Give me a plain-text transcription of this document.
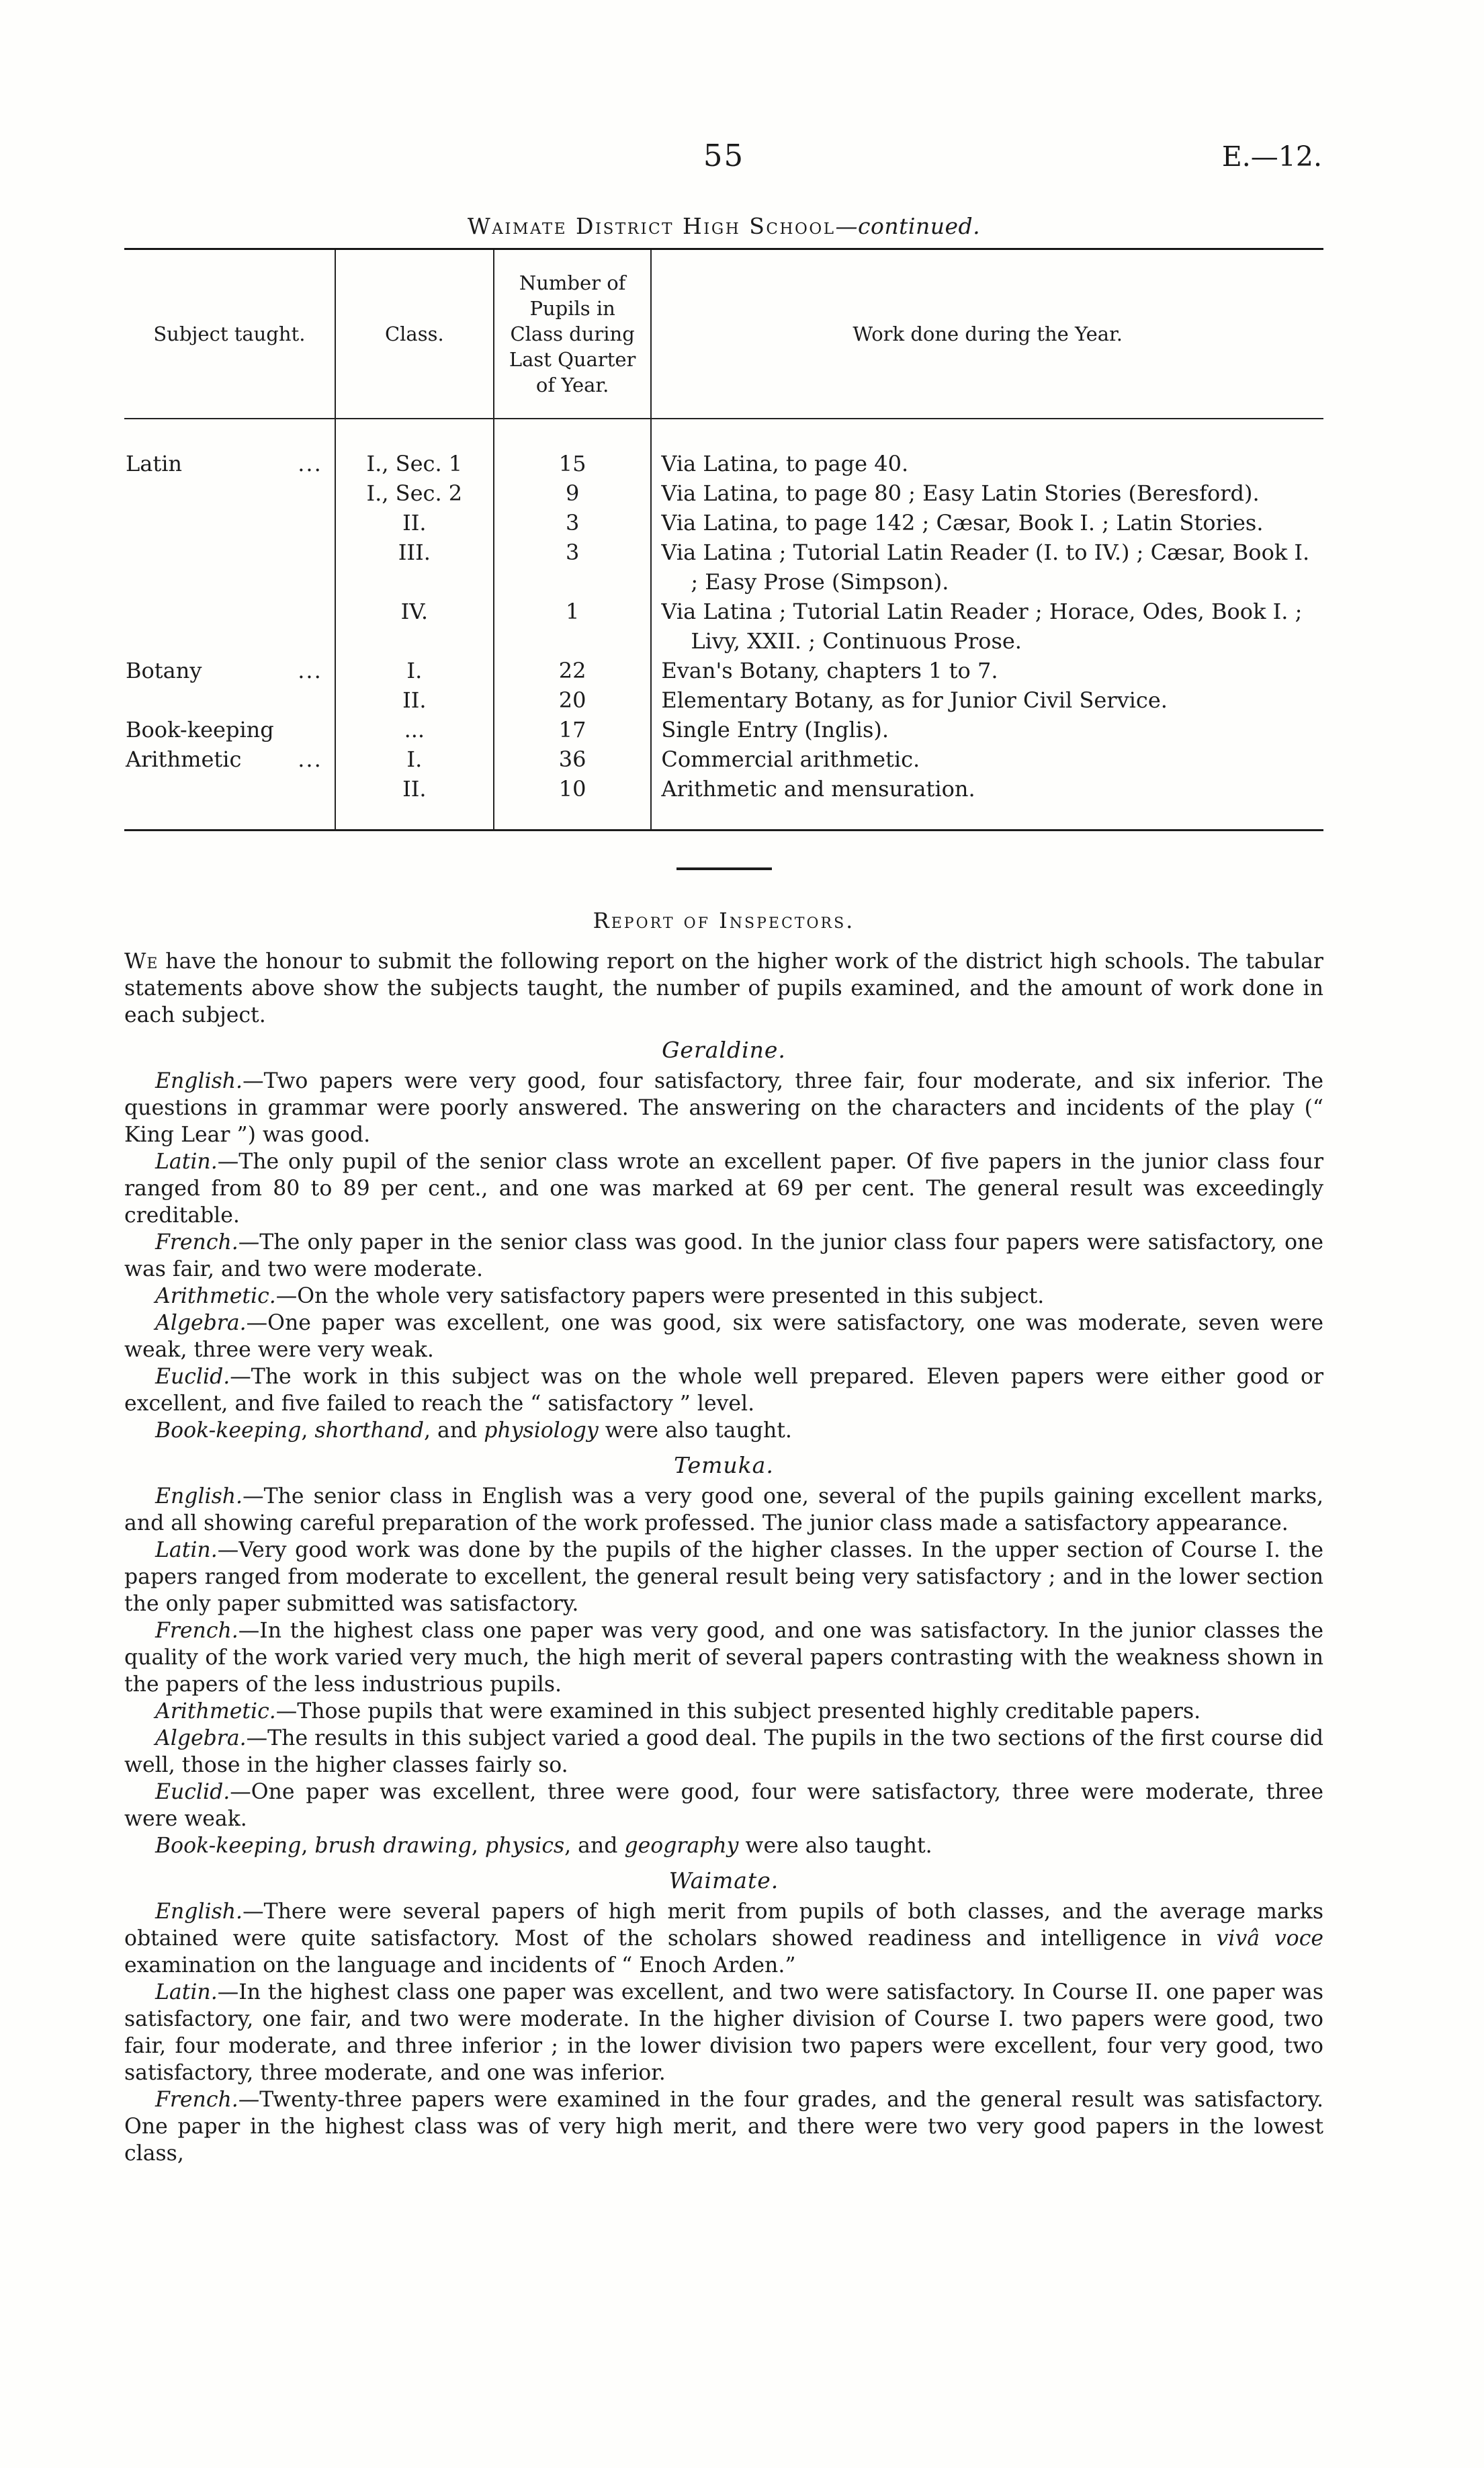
55	E.—12.
Waimate District High School—continued.
Subject taught.	Class.	Number of Pupils in Class during Last Quarter of Year.	Work done during the Year.
Latin ...	I., Sec. 1	15	Via Latina, to page 40.
	I., Sec. 2	9	Via Latina, to page 80 ; Easy Latin Stories (Beresford).
	II.	3	Via Latina, to page 142 ; Cæsar, Book I. ; Latin Stories.
	III.	3	Via Latina ; Tutorial Latin Reader (I. to IV.) ; Cæsar, Book I. ; Easy Prose (Simpson).
	IV.	1	Via Latina ; Tutorial Latin Reader ; Horace, Odes, Book I. ; Livy, XXII. ; Continuous Prose.
Botany ...	I.	22	Evan's Botany, chapters 1 to 7.
	II.	20	Elementary Botany, as for Junior Civil Service.
Book-keeping	...	17	Single Entry (Inglis).
Arithmetic ...	I.	36	Commercial arithmetic.
	II.	10	Arithmetic and mensuration.
Report of Inspectors.

We have the honour to submit the following report on the higher work of the district high schools. The tabular statements above show the subjects taught, the number of pupils examined, and the amount of work done in each subject.

Geraldine.

English.—Two papers were very good, four satisfactory, three fair, four moderate, and six inferior. The questions in grammar were poorly answered. The answering on the characters and incidents of the play (“ King Lear ”) was good.

Latin.—The only pupil of the senior class wrote an excellent paper. Of five papers in the junior class four ranged from 80 to 89 per cent., and one was marked at 69 per cent. The general result was exceedingly creditable.

French.—The only paper in the senior class was good. In the junior class four papers were satisfactory, one was fair, and two were moderate.

Arithmetic.—On the whole very satisfactory papers were presented in this subject.

Algebra.—One paper was excellent, one was good, six were satisfactory, one was moderate, seven were weak, three were very weak.

Euclid.—The work in this subject was on the whole well prepared. Eleven papers were either good or excellent, and five failed to reach the “ satisfactory ” level.

Book-keeping, shorthand, and physiology were also taught.

Temuka.

English.—The senior class in English was a very good one, several of the pupils gaining excellent marks, and all showing careful preparation of the work professed. The junior class made a satisfactory appearance.

Latin.—Very good work was done by the pupils of the higher classes. In the upper section of Course I. the papers ranged from moderate to excellent, the general result being very satisfactory ; and in the lower section the only paper submitted was satisfactory.

French.—In the highest class one paper was very good, and one was satisfactory. In the junior classes the quality of the work varied very much, the high merit of several papers contrasting with the weakness shown in the papers of the less industrious pupils.

Arithmetic.—Those pupils that were examined in this subject presented highly creditable papers.

Algebra.—The results in this subject varied a good deal. The pupils in the two sections of the first course did well, those in the higher classes fairly so.

Euclid.—One paper was excellent, three were good, four were satisfactory, three were moderate, three were weak.

Book-keeping, brush drawing, physics, and geography were also taught.

Waimate.

English.—There were several papers of high merit from pupils of both classes, and the average marks obtained were quite satisfactory. Most of the scholars showed readiness and intelligence in vivâ voce examination on the language and incidents of “ Enoch Arden.”

Latin.—In the highest class one paper was excellent, and two were satisfactory. In Course II. one paper was satisfactory, one fair, and two were moderate. In the higher division of Course I. two papers were good, two fair, four moderate, and three inferior ; in the lower division two papers were excellent, four very good, two satisfactory, three moderate, and one was inferior.

French.—Twenty-three papers were examined in the four grades, and the general result was satisfactory. One paper in the highest class was of very high merit, and there were two very good papers in the lowest class,
